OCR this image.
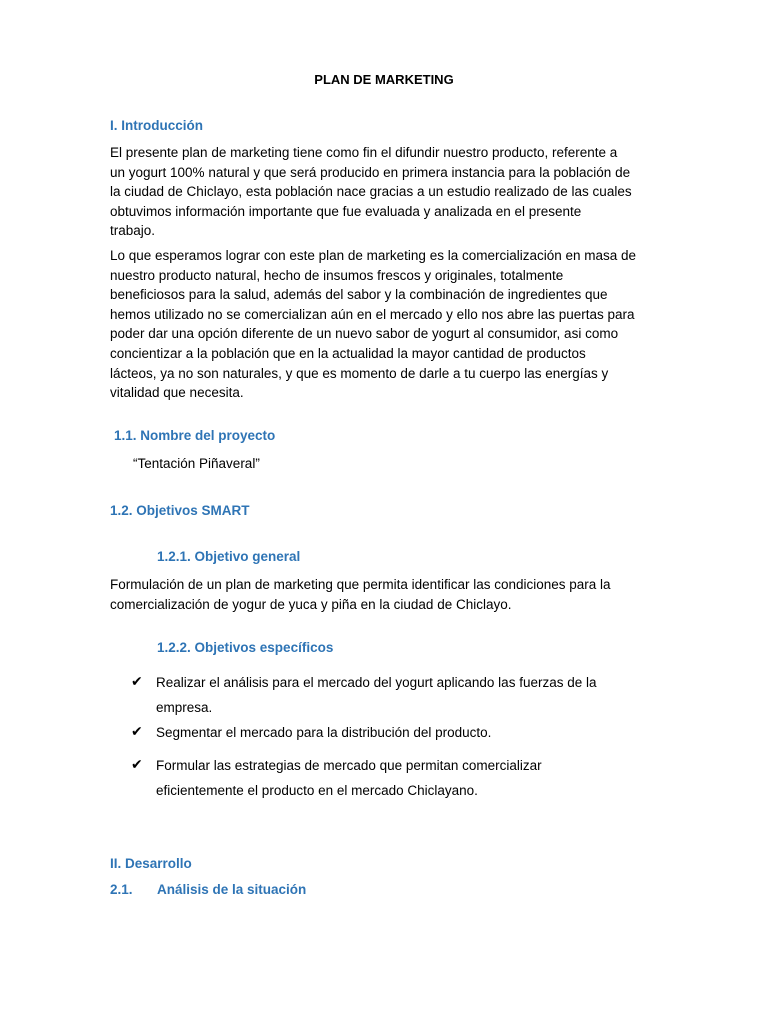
PLAN DE MARKETING
I. Introducción
El presente plan de marketing tiene como fin el difundir nuestro producto, referente a
un yogurt 100% natural y que será producido en primera instancia para la población de
la ciudad de Chiclayo, esta población nace gracias a un estudio realizado de las cuales
obtuvimos información importante que fue evaluada y analizada en el presente
trabajo.
Lo que esperamos lograr con este plan de marketing es la comercialización en masa de
nuestro producto natural, hecho de insumos frescos y originales, totalmente
beneficiosos para la salud, además del sabor y la combinación de ingredientes que
hemos utilizado no se comercializan aún en el mercado y ello nos abre las puertas para
poder dar una opción diferente de un nuevo sabor de yogurt al consumidor, asi como
concientizar a la población que en la actualidad la mayor cantidad de productos
lácteos, ya no son naturales, y que es momento de darle a tu cuerpo las energías y
vitalidad que necesita.
1.1. Nombre del proyecto
“Tentación Piñaveral”
1.2. Objetivos SMART
1.2.1. Objetivo general
Formulación de un plan de marketing que permita identificar las condiciones para la
comercialización de yogur de yuca y piña en la ciudad de Chiclayo.
1.2.2. Objetivos específicos
✔ Realizar el análisis para el mercado del yogurt aplicando las fuerzas de la
empresa.
✔ Segmentar el mercado para la distribución del producto.
✔ Formular las estrategias de mercado que permitan comercializar
eficientemente el producto en el mercado Chiclayano.
II. Desarrollo
2.1. Análisis de la situación
